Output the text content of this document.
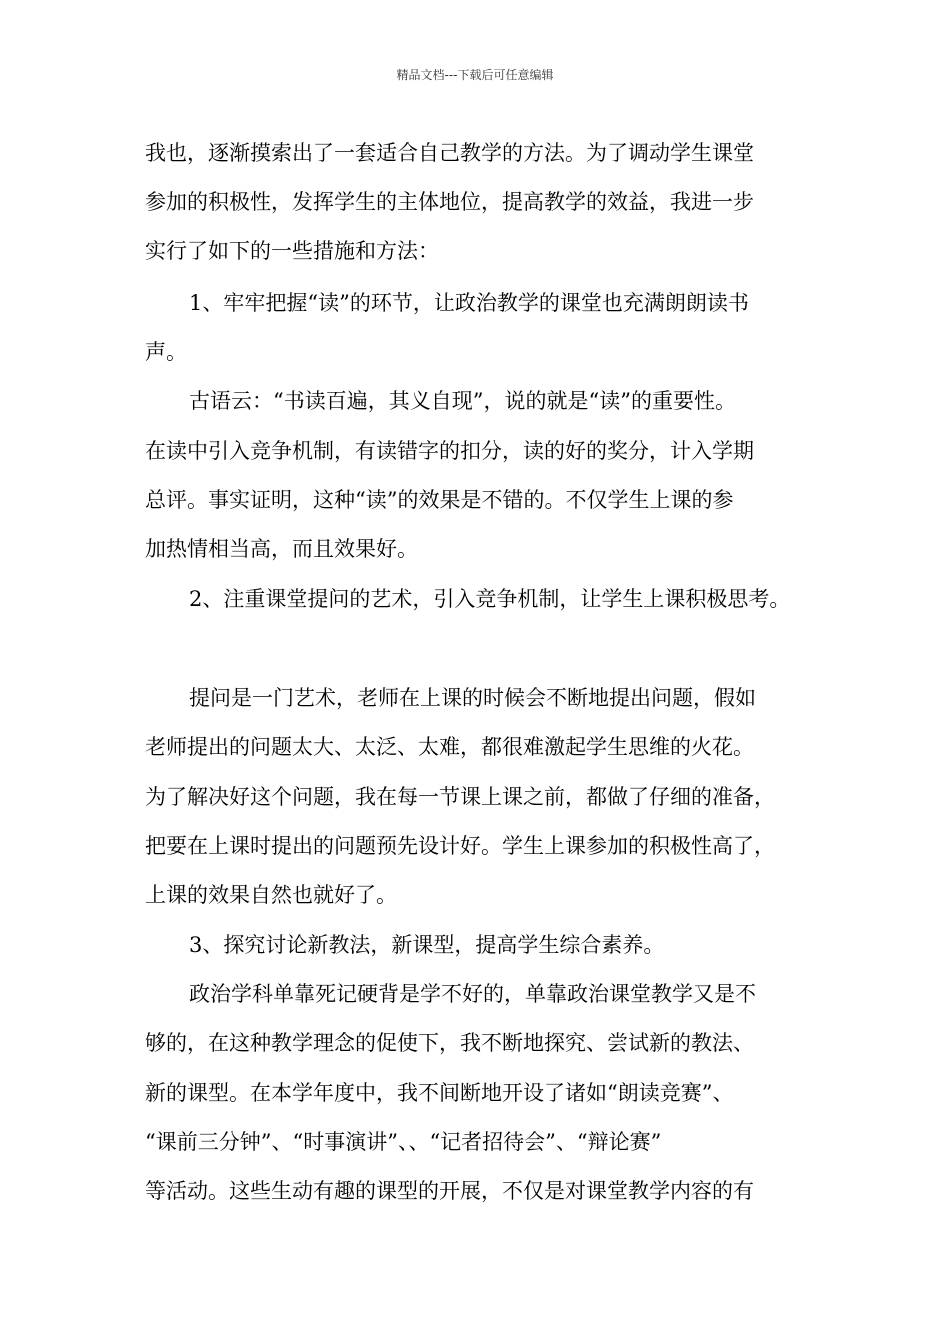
精品文档---下载后可任意编辑
我也，逐渐摸索出了一套适合自己教学的方法。为了调动学生课堂
参加的积极性，发挥学生的主体地位，提高教学的效益，我进一步
实行了如下的一些措施和方法：
1、牢牢把握“读”的环节，让政治教学的课堂也充满朗朗读书
声。
古语云：“书读百遍，其义自现”，说的就是“读”的重要性。
在读中引入竞争机制，有读错字的扣分，读的好的奖分，计入学期
总评。事实证明，这种“读”的效果是不错的。不仅学生上课的参
加热情相当高，而且效果好。
2、注重课堂提问的艺术，引入竞争机制，让学生上课积极思考。
提问是一门艺术，老师在上课的时候会不断地提出问题，假如
老师提出的问题太大、太泛、太难，都很难激起学生思维的火花。
为了解决好这个问题，我在每一节课上课之前，都做了仔细的准备，
把要在上课时提出的问题预先设计好。学生上课参加的积极性高了，
上课的效果自然也就好了。
3、探究讨论新教法，新课型，提高学生综合素养。
政治学科单靠死记硬背是学不好的，单靠政治课堂教学又是不
够的，在这种教学理念的促使下，我不断地探究、尝试新的教法、
新的课型。在本学年度中，我不间断地开设了诸如“朗读竞赛”、
“课前三分钟”、“时事演讲”、、“记者招待会”、“辩论赛”
等活动。这些生动有趣的课型的开展，不仅是对课堂教学内容的有
